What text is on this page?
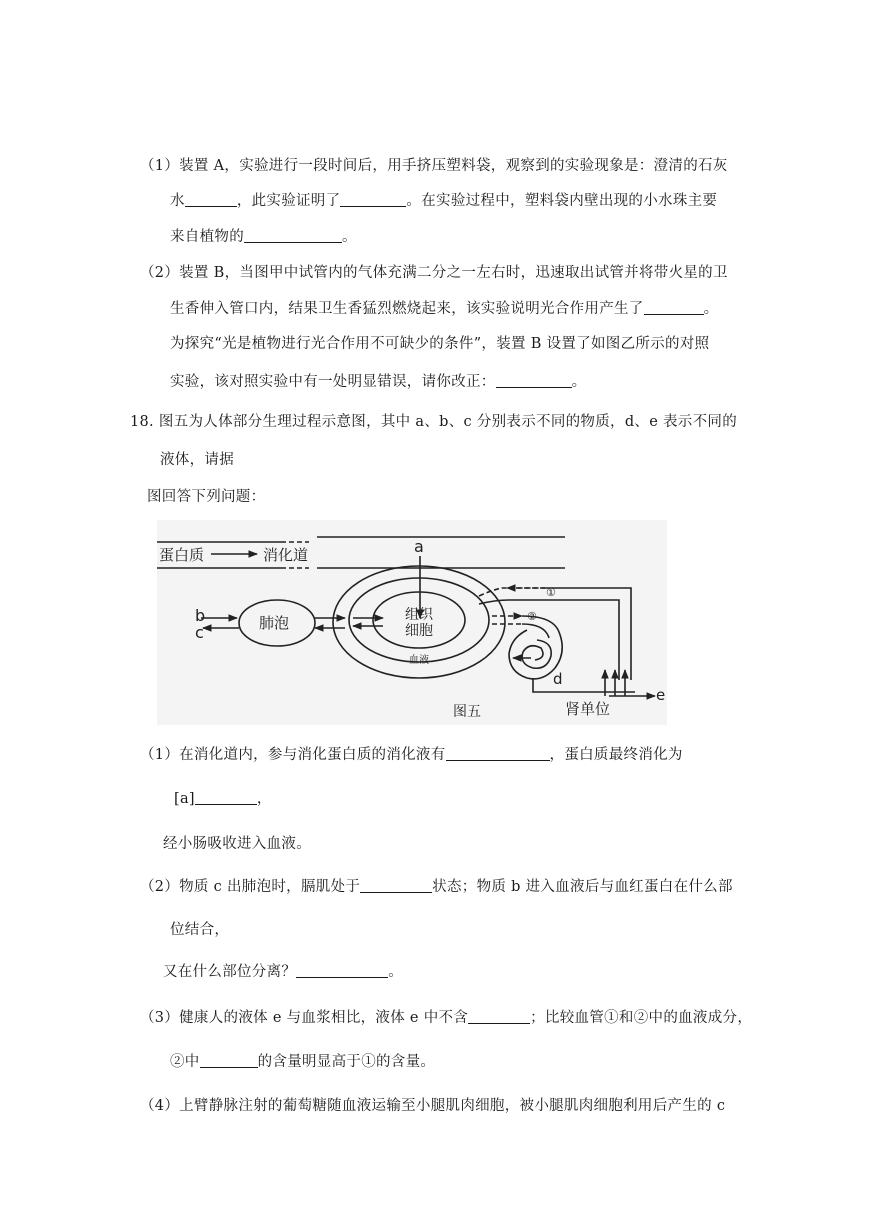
（1）装置 A，实验进行一段时间后，用手挤压塑料袋，观察到的实验现象是：澄清的石灰
水	，此实验证明了	。在实验过程中，塑料袋内壁出现的小水珠主要
来自植物的	。
（2）装置 B，当图甲中试管内的气体充满二分之一左右时，迅速取出试管并将带火星的卫
生香伸入管口内，结果卫生香猛烈燃烧起来，该实验说明光合作用产生了	。
为探究“光是植物进行光合作用不可缺少的条件”，装置 B 设置了如图乙所示的对照
实验，该对照实验中有一处明显错误，请你改正：	。
18. 图五为人体部分生理过程示意图，其中 a、b、c 分别表示不同的物质，d、e 表示不同的
液体，请据
图回答下列问题：
蛋白质	消化道	a
b
c	肺泡	组织
细胞
血液
①
②
d
e
图五	肾单位
（1）在消化道内，参与消化蛋白质的消化液有	，蛋白质最终消化为
[a]	，
经小肠吸收进入血液。
（2）物质 c 出肺泡时，膈肌处于	状态；物质 b 进入血液后与血红蛋白在什么部
位结合，
又在什么部位分离？	。
（3）健康人的液体 e 与血浆相比，液体 e 中不含	；比较血管①和②中的血液成分，
②中	的含量明显高于①的含量。
（4）上臂静脉注射的葡萄糖随血液运输至小腿肌肉细胞，被小腿肌肉细胞利用后产生的 c
